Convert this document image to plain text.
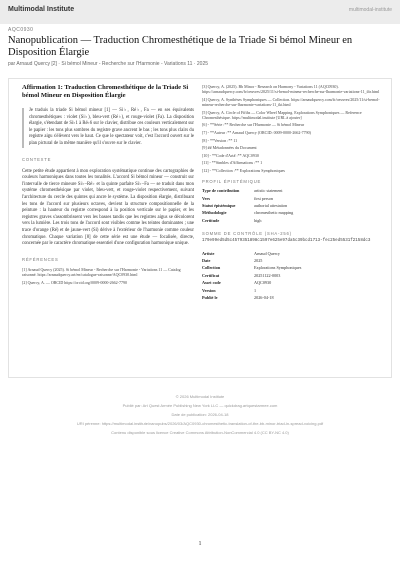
Multimodal Institute	multimodal-institute
AQC0930
Nanopublication — Traduction Chromesthétique de la Triade Si bémol Mineur en Disposition Élargie
par Arnaud Quercy [2] · Si bémol Mineur - Recherche sur l'Harmonie - Variations 11 · 2025
Affirmation 1: Traduction Chromesthétique de la Triade Si bémol Mineur en Disposition Élargie
Je traduis la triade Si bémol mineur [1] — Si♭, Ré♭, Fa — en ses équivalents chromesthétiques : violet (Si♭), bleu-vert (Ré♭), et rouge-violet (Fa). La disposition élargie, s'étendant de Si♭1 à Ré♭6 sur le clavier, distribue ces couleurs verticalement sur le papier : les tons plus sombres du registre grave ancrent le bas ; les tons plus clairs du registre aigu s'élèvent vers le haut. Ce que le spectateur voit, c'est l'accord ouvert sur le plan pictural de la même manière qu'il s'ouvre sur le clavier.
CONTEXTE
Cette petite étude appartient à mon exploration systématique continue des cartographies de couleurs harmoniques dans toutes les tonalités. L'accord Si bémol mineur — construit sur l'intervalle de tierce mineure Si♭–Ré♭ et la quinte parfaite Si♭–Fa — se traduit dans mon système chromesthésique par violet, bleu-vert, et rouge-violet respectivement, suivant l'architecture du cercle des quintes qui ancre le système. La disposition élargie, distribuant les tons de l'accord sur plusieurs octaves, devient la structure compositionnelle de la peinture : la hauteur du registre correspond à la position verticale sur le papier, et les registres graves s'assombrissent vers les basses tandis que les registres aigus se décolorent vers la lumière. Les trois tons de l'accord sont visibles comme les teintes dominantes ; une trace d'orange (Ré) et de jaune-vert (Si) dérive à l'extérieur de l'harmonie comme couleur chromatique. Chaque variation [8] de cette série est une étude — focalisée, directe, concernée par le caractère chromatique essentiel d'une configuration harmonique unique.
RÉFÉRENCES

[1] Arnaud Quercy (2025). Si bémol Mineur - Recherche sur l'Harmonie - Variations 11 — Catalog raisonné. https://arnaudquercy.art/en/catalogue-raisonne/AQC0930.html

[2] Quercy, A. — ORCID https://orcid.org/0009-0000-2662-7790

[3] Quercy, A. (2025). Bb Minor - Research on Harmony - Variations 11 (AQC0930). https://arnaudquercy.com/fr/oeuvres/2025/11/si-bemol-mineur-recherche-sur-lharmonie-variations-11_iltr.html

[4] Quercy, A. Synthèses Symphoniques — Collection. https://arnaudquercy.com/fr/oeuvres/2025/11/si-bemol-mineur-recherche-sur-lharmonie-variations-11_ikt.html

[5] Quercy, A. Circle of Fifths — Color Wheel Mapping. Explorations Symphoniques — Reference Chromesthésique. https://multimodal.institute [URL à ajouter]

[6] - **Série :** Recherche sur l'Harmonie — Si bémol Mineur

[7] - **Auteur :** Arnaud Quercy (ORCID: 0009-0000-2662-7790)

[8] - **Version :** 11

[9] ## Métadonnées du Document

[10] - **Code d'Art# :** AQC0930

[11] - **Simbles d'Affirmations :** 1

[12] - **Collection :** Explorations Symphoniques

PROFIL ÉPISTÉMIQUE
Type de contribution	artistic statement
Vers	first person
Statut épistémique	authorial attestation
Méthodologie	chromesthetic mapping
Certitude	high
SOMME DE CONTRÔLE (SHA-256)
179e99ed5d5c4579351898c1597e625e97da5c39bcd1713-fec25ed5531f2158dc3
Artiste	Arnaud Quercy
Date	2025
Collection	Explorations Symphoniques
Certificat	20251122-0003
Asset code	AQC0930
Version	1
Publié le	2026-04-18
© 2026 Multimodal Institute
Publié par: Art Quest Armée Publishing New York LLC — quickdrag.artquestarmee.com
Date de publication: 2026-04-18
URI pérenne: https://multimodal.institute/nanopubs/2026/03/AQC0930-chromesthetic-translation-of-the-bb-minor-triad-in-spread-voicing.pdf
Contenu disponible sous licence Creative Commons Attribution-NonCommercial 4.0 (CC BY-NC 4.0)
1
